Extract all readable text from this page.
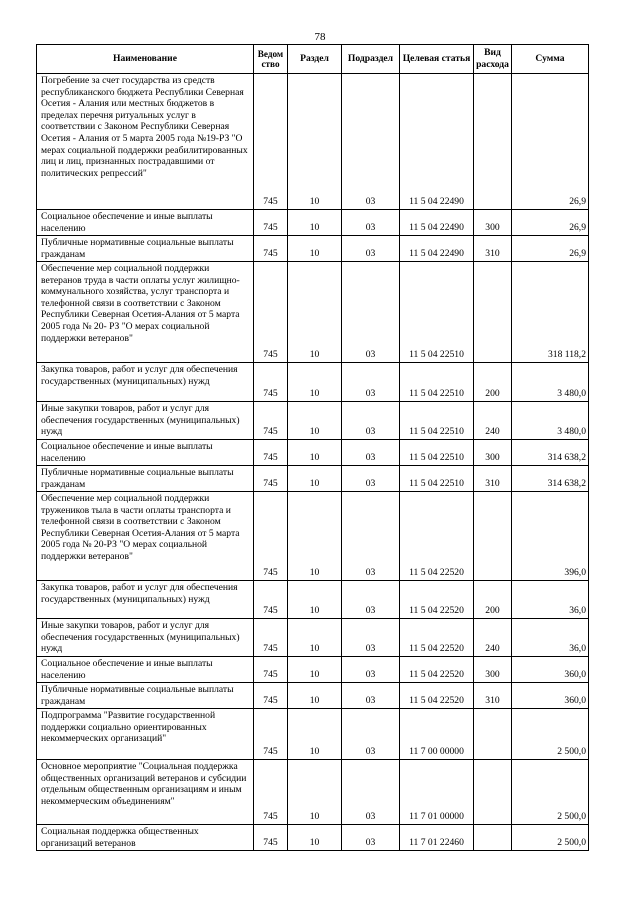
78
Наименование	Ведомство	Раздел	Подраздел	Целевая статья	Вид расхода	Сумма
Погребение за счет государства из средств республиканского бюджета Республики Северная Осетия - Алания или местных бюджетов в пределах перечня ритуальных услуг в соответствии с Законом Республики Северная Осетия - Алания от 5 марта 2005 года №19-РЗ "О мерах социальной поддержки реабилитированных лиц и лиц, признанных пострадавшими от политических репрессий"	745	10	03	11 5 04 22490		26,9
Социальное обеспечение и иные выплаты населению	745	10	03	11 5 04 22490	300	26,9
Публичные нормативные социальные выплаты гражданам	745	10	03	11 5 04 22490	310	26,9
Обеспечение мер социальной поддержки ветеранов труда в части оплаты услуг жилищно-коммунального хозяйства, услуг транспорта и телефонной связи в соответствии с Законом Республики Северная Осетия-Алания от 5 марта 2005 года № 20- РЗ "О мерах социальной поддержки ветеранов"	745	10	03	11 5 04 22510		318 118,2
Закупка товаров, работ и услуг для обеспечения государственных (муниципальных) нужд	745	10	03	11 5 04 22510	200	3 480,0
Иные закупки товаров, работ и услуг для обеспечения государственных (муниципальных) нужд	745	10	03	11 5 04 22510	240	3 480,0
Социальное обеспечение и иные выплаты населению	745	10	03	11 5 04 22510	300	314 638,2
Публичные нормативные социальные выплаты гражданам	745	10	03	11 5 04 22510	310	314 638,2
Обеспечение мер социальной поддержки тружеников тыла в части оплаты транспорта и телефонной связи в соответствии с Законом Республики Северная Осетия-Алания от 5 марта 2005 года № 20-РЗ "О мерах социальной поддержки ветеранов"	745	10	03	11 5 04 22520		396,0
Закупка товаров, работ и услуг для обеспечения государственных (муниципальных) нужд	745	10	03	11 5 04 22520	200	36,0
Иные закупки товаров, работ и услуг для обеспечения государственных (муниципальных) нужд	745	10	03	11 5 04 22520	240	36,0
Социальное обеспечение и иные выплаты населению	745	10	03	11 5 04 22520	300	360,0
Публичные нормативные социальные выплаты гражданам	745	10	03	11 5 04 22520	310	360,0
Подпрограмма "Развитие государственной поддержки социально ориентированных некоммерческих организаций"	745	10	03	11 7 00 00000		2 500,0
Основное мероприятие "Социальная поддержка общественных организаций ветеранов и субсидии отдельным общественным организациям и иным некоммерческим объединениям"	745	10	03	11 7 01 00000		2 500,0
Социальная поддержка общественных организаций ветеранов	745	10	03	11 7 01 22460		2 500,0
